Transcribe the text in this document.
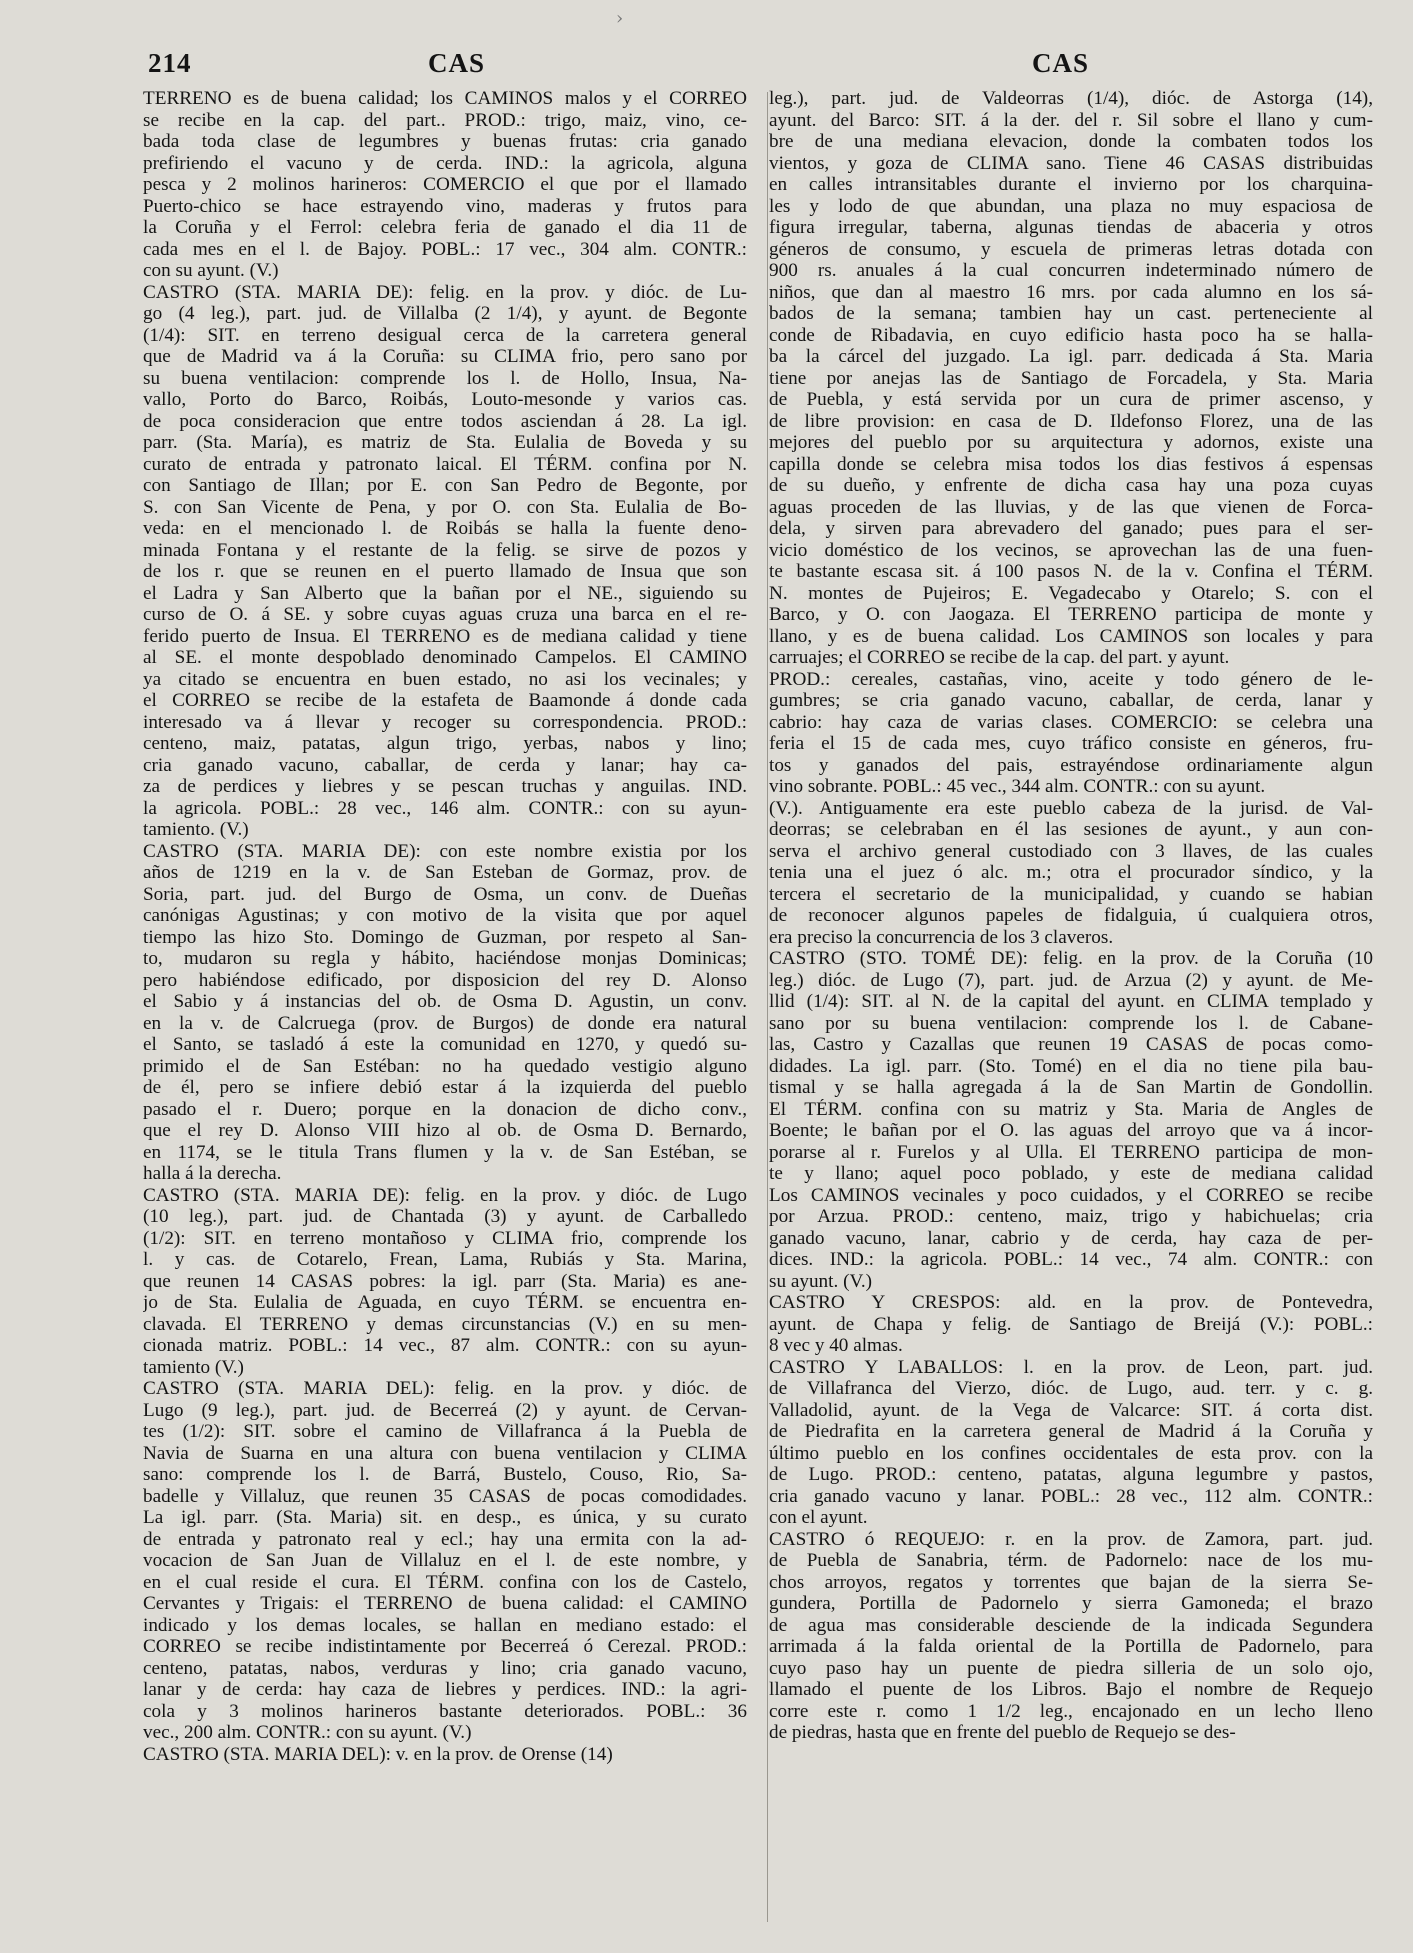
›
214	CAS	CAS
TERRENO es de buena calidad; los CAMINOS malos y el CORREO
se recibe en la cap. del part.. PROD.: trigo, maiz, vino, ce-
bada toda clase de legumbres y buenas frutas: cria ganado
prefiriendo el vacuno y de cerda. IND.: la agricola, alguna
pesca y 2 molinos harineros: COMERCIO el que por el llamado
Puerto-chico se hace estrayendo vino, maderas y frutos para
la Coruña y el Ferrol: celebra feria de ganado el dia 11 de
cada mes en el l. de Bajoy. POBL.: 17 vec., 304 alm. CONTR.:
con su ayunt. (V.)
CASTRO (STA. MARIA DE): felig. en la prov. y dióc. de Lu-
go (4 leg.), part. jud. de Villalba (2 1/4), y ayunt. de Begonte
(1/4): SIT. en terreno desigual cerca de la carretera general
que de Madrid va á la Coruña: su CLIMA frio, pero sano por
su buena ventilacion: comprende los l. de Hollo, Insua, Na-
vallo, Porto do Barco, Roibás, Louto-mesonde y varios cas.
de poca consideracion que entre todos asciendan á 28. La igl.
parr. (Sta. María), es matriz de Sta. Eulalia de Boveda y su
curato de entrada y patronato laical. El TÉRM. confina por N.
con Santiago de Illan; por E. con San Pedro de Begonte, por
S. con San Vicente de Pena, y por O. con Sta. Eulalia de Bo-
veda: en el mencionado l. de Roibás se halla la fuente deno-
minada Fontana y el restante de la felig. se sirve de pozos y
de los r. que se reunen en el puerto llamado de Insua que son
el Ladra y San Alberto que la bañan por el NE., siguiendo su
curso de O. á SE. y sobre cuyas aguas cruza una barca en el re-
ferido puerto de Insua. El TERRENO es de mediana calidad y tiene
al SE. el monte despoblado denominado Campelos. El CAMINO
ya citado se encuentra en buen estado, no asi los vecinales; y
el CORREO se recibe de la estafeta de Baamonde á donde cada
interesado va á llevar y recoger su correspondencia. PROD.:
centeno, maiz, patatas, algun trigo, yerbas, nabos y lino;
cria ganado vacuno, caballar, de cerda y lanar; hay ca-
za de perdices y liebres y se pescan truchas y anguilas. IND.
la agricola. POBL.: 28 vec., 146 alm. CONTR.: con su ayun-
tamiento. (V.)
CASTRO (STA. MARIA DE): con este nombre existia por los
años de 1219 en la v. de San Esteban de Gormaz, prov. de
Soria, part. jud. del Burgo de Osma, un conv. de Dueñas
canónigas Agustinas; y con motivo de la visita que por aquel
tiempo las hizo Sto. Domingo de Guzman, por respeto al San-
to, mudaron su regla y hábito, haciéndose monjas Dominicas;
pero habiéndose edificado, por disposicion del rey D. Alonso
el Sabio y á instancias del ob. de Osma D. Agustin, un conv.
en la v. de Calcruega (prov. de Burgos) de donde era natural
el Santo, se tasladó á este la comunidad en 1270, y quedó su-
primido el de San Estéban: no ha quedado vestigio alguno
de él, pero se infiere debió estar á la izquierda del pueblo
pasado el r. Duero; porque en la donacion de dicho conv.,
que el rey D. Alonso VIII hizo al ob. de Osma D. Bernardo,
en 1174, se le titula Trans flumen y la v. de San Estéban, se
halla á la derecha.
CASTRO (STA. MARIA DE): felig. en la prov. y dióc. de Lugo
(10 leg.), part. jud. de Chantada (3) y ayunt. de Carballedo
(1/2): SIT. en terreno montañoso y CLIMA frio, comprende los
l. y cas. de Cotarelo, Frean, Lama, Rubiás y Sta. Marina,
que reunen 14 CASAS pobres: la igl. parr (Sta. Maria) es ane-
jo de Sta. Eulalia de Aguada, en cuyo TÉRM. se encuentra en-
clavada. El TERRENO y demas circunstancias (V.) en su men-
cionada matriz. POBL.: 14 vec., 87 alm. CONTR.: con su ayun-
tamiento (V.)
CASTRO (STA. MARIA DEL): felig. en la prov. y dióc. de
Lugo (9 leg.), part. jud. de Becerreá (2) y ayunt. de Cervan-
tes (1/2): SIT. sobre el camino de Villafranca á la Puebla de
Navia de Suarna en una altura con buena ventilacion y CLIMA
sano: comprende los l. de Barrá, Bustelo, Couso, Rio, Sa-
badelle y Villaluz, que reunen 35 CASAS de pocas comodidades.
La igl. parr. (Sta. Maria) sit. en desp., es única, y su curato
de entrada y patronato real y ecl.; hay una ermita con la ad-
vocacion de San Juan de Villaluz en el l. de este nombre, y
en el cual reside el cura. El TÉRM. confina con los de Castelo,
Cervantes y Trigais: el TERRENO de buena calidad: el CAMINO
indicado y los demas locales, se hallan en mediano estado: el
CORREO se recibe indistintamente por Becerreá ó Cerezal. PROD.:
centeno, patatas, nabos, verduras y lino; cria ganado vacuno,
lanar y de cerda: hay caza de liebres y perdices. IND.: la agri-
cola y 3 molinos harineros bastante deteriorados. POBL.: 36
vec., 200 alm. CONTR.: con su ayunt. (V.)
CASTRO (STA. MARIA DEL): v. en la prov. de Orense (14)
leg.), part. jud. de Valdeorras (1/4), dióc. de Astorga (14),
ayunt. del Barco: SIT. á la der. del r. Sil sobre el llano y cum-
bre de una mediana elevacion, donde la combaten todos los
vientos, y goza de CLIMA sano. Tiene 46 CASAS distribuidas
en calles intransitables durante el invierno por los charquina-
les y lodo de que abundan, una plaza no muy espaciosa de
figura irregular, taberna, algunas tiendas de abaceria y otros
géneros de consumo, y escuela de primeras letras dotada con
900 rs. anuales á la cual concurren indeterminado número de
niños, que dan al maestro 16 mrs. por cada alumno en los sá-
bados de la semana; tambien hay un cast. perteneciente al
conde de Ribadavia, en cuyo edificio hasta poco ha se halla-
ba la cárcel del juzgado. La igl. parr. dedicada á Sta. Maria
tiene por anejas las de Santiago de Forcadela, y Sta. Maria
de Puebla, y está servida por un cura de primer ascenso, y
de libre provision: en casa de D. Ildefonso Florez, una de las
mejores del pueblo por su arquitectura y adornos, existe una
capilla donde se celebra misa todos los dias festivos á espensas
de su dueño, y enfrente de dicha casa hay una poza cuyas
aguas proceden de las lluvias, y de las que vienen de Forca-
dela, y sirven para abrevadero del ganado; pues para el ser-
vicio doméstico de los vecinos, se aprovechan las de una fuen-
te bastante escasa sit. á 100 pasos N. de la v. Confina el TÉRM.
N. montes de Pujeiros; E. Vegadecabo y Otarelo; S. con el
Barco, y O. con Jaogaza. El TERRENO participa de monte y
llano, y es de buena calidad. Los CAMINOS son locales y para
carruajes; el CORREO se recibe de la cap. del part. y ayunt.
PROD.: cereales, castañas, vino, aceite y todo género de le-
gumbres; se cria ganado vacuno, caballar, de cerda, lanar y
cabrio: hay caza de varias clases. COMERCIO: se celebra una
feria el 15 de cada mes, cuyo tráfico consiste en géneros, fru-
tos y ganados del pais, estrayéndose ordinariamente algun
vino sobrante. POBL.: 45 vec., 344 alm. CONTR.: con su ayunt.
(V.). Antiguamente era este pueblo cabeza de la jurisd. de Val-
deorras; se celebraban en él las sesiones de ayunt., y aun con-
serva el archivo general custodiado con 3 llaves, de las cuales
tenia una el juez ó alc. m.; otra el procurador síndico, y la
tercera el secretario de la municipalidad, y cuando se habian
de reconocer algunos papeles de fidalguia, ú cualquiera otros,
era preciso la concurrencia de los 3 claveros.
CASTRO (STO. TOMÉ DE): felig. en la prov. de la Coruña (10
leg.) dióc. de Lugo (7), part. jud. de Arzua (2) y ayunt. de Me-
llid (1/4): SIT. al N. de la capital del ayunt. en CLIMA templado y
sano por su buena ventilacion: comprende los l. de Cabane-
las, Castro y Cazallas que reunen 19 CASAS de pocas como-
didades. La igl. parr. (Sto. Tomé) en el dia no tiene pila bau-
tismal y se halla agregada á la de San Martin de Gondollin.
El TÉRM. confina con su matriz y Sta. Maria de Angles de
Boente; le bañan por el O. las aguas del arroyo que va á incor-
porarse al r. Furelos y al Ulla. El TERRENO participa de mon-
te y llano; aquel poco poblado, y este de mediana calidad
Los CAMINOS vecinales y poco cuidados, y el CORREO se recibe
por Arzua. PROD.: centeno, maiz, trigo y habichuelas; cria
ganado vacuno, lanar, cabrio y de cerda, hay caza de per-
dices. IND.: la agricola. POBL.: 14 vec., 74 alm. CONTR.: con
su ayunt. (V.)
CASTRO Y CRESPOS: ald. en la prov. de Pontevedra,
ayunt. de Chapa y felig. de Santiago de Breijá (V.): POBL.:
8 vec y 40 almas.
CASTRO Y LABALLOS: l. en la prov. de Leon, part. jud.
de Villafranca del Vierzo, dióc. de Lugo, aud. terr. y c. g.
Valladolid, ayunt. de la Vega de Valcarce: SIT. á corta dist.
de Piedrafita en la carretera general de Madrid á la Coruña y
último pueblo en los confines occidentales de esta prov. con la
de Lugo. PROD.: centeno, patatas, alguna legumbre y pastos,
cria ganado vacuno y lanar. POBL.: 28 vec., 112 alm. CONTR.:
con el ayunt.
CASTRO ó REQUEJO: r. en la prov. de Zamora, part. jud.
de Puebla de Sanabria, térm. de Padornelo: nace de los mu-
chos arroyos, regatos y torrentes que bajan de la sierra Se-
gundera, Portilla de Padornelo y sierra Gamoneda; el brazo
de agua mas considerable desciende de la indicada Segundera
arrimada á la falda oriental de la Portilla de Padornelo, para
cuyo paso hay un puente de piedra silleria de un solo ojo,
llamado el puente de los Libros. Bajo el nombre de Requejo
corre este r. como 1 1/2 leg., encajonado en un lecho lleno
de piedras, hasta que en frente del pueblo de Requejo se des-
